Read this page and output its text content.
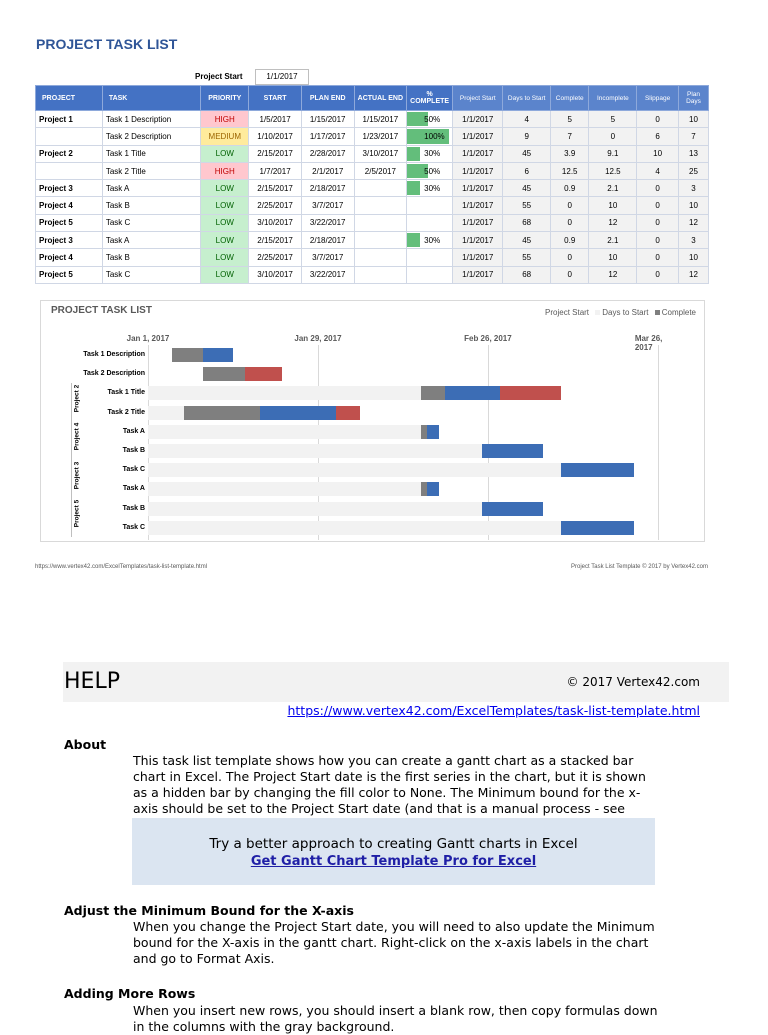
PROJECT TASK LIST
Project Start	1/1/2017
PROJECT	TASK	PRIORITY	START	PLAN END	ACTUAL END	% COMPLETE	Project Start	Days to Start	Complete	Incomplete	Slippage	Plan Days
Project 1	Task 1 Description	HIGH	1/5/2017	1/15/2017	1/15/2017	50%	1/1/2017	4	5	5	0	10
	Task 2 Description	MEDIUM	1/10/2017	1/17/2017	1/23/2017	100%	1/1/2017	9	7	0	6	7
Project 2	Task 1 Title	LOW	2/15/2017	2/28/2017	3/10/2017	30%	1/1/2017	45	3.9	9.1	10	13
	Task 2 Title	HIGH	1/7/2017	2/1/2017	2/5/2017	50%	1/1/2017	6	12.5	12.5	4	25
Project 3	Task A	LOW	2/15/2017	2/18/2017		30%	1/1/2017	45	0.9	2.1	0	3
Project 4	Task B	LOW	2/25/2017	3/7/2017			1/1/2017	55	0	10	0	10
Project 5	Task C	LOW	3/10/2017	3/22/2017			1/1/2017	68	0	12	0	12
Project 3	Task A	LOW	2/15/2017	2/18/2017		30%	1/1/2017	45	0.9	2.1	0	3
Project 4	Task B	LOW	2/25/2017	3/7/2017			1/1/2017	55	0	10	0	10
Project 5	Task C	LOW	3/10/2017	3/22/2017			1/1/2017	68	0	12	0	12
PROJECT TASK LIST	Project Start Days to Start Complete
Jan 1, 2017	Jan 29, 2017	Feb 26, 2017	Mar 26, 2017
Task 1 Description
Task 2 Description
Task 1 Title
Task 2 Title
Task A
Task B
Task C
Task A
Task B
Task C
Project 2
Project 4
Project 3
Project 5
https://www.vertex42.com/ExcelTemplates/task-list-template.html	Project Task List Template © 2017 by Vertex42.com
HELP	© 2017 Vertex42.com
https://www.vertex42.com/ExcelTemplates/task-list-template.html
About
This task list template shows how you can create a gantt chart as a stacked bar chart in Excel. The Project Start date is the first series in the chart, but it is shown as a hidden bar by changing the fill color to None. The Minimum bound for the x-axis should be set to the Project Start date (and that is a manual process - see
Try a better approach to creating Gantt charts in Excel
Get Gantt Chart Template Pro for Excel
Adjust the Minimum Bound for the X-axis
When you change the Project Start date, you will need to also update the Minimum bound for the X-axis in the gantt chart. Right-click on the x-axis labels in the chart and go to Format Axis.
Adding More Rows
When you insert new rows, you should insert a blank row, then copy formulas down in the columns with the gray background.
